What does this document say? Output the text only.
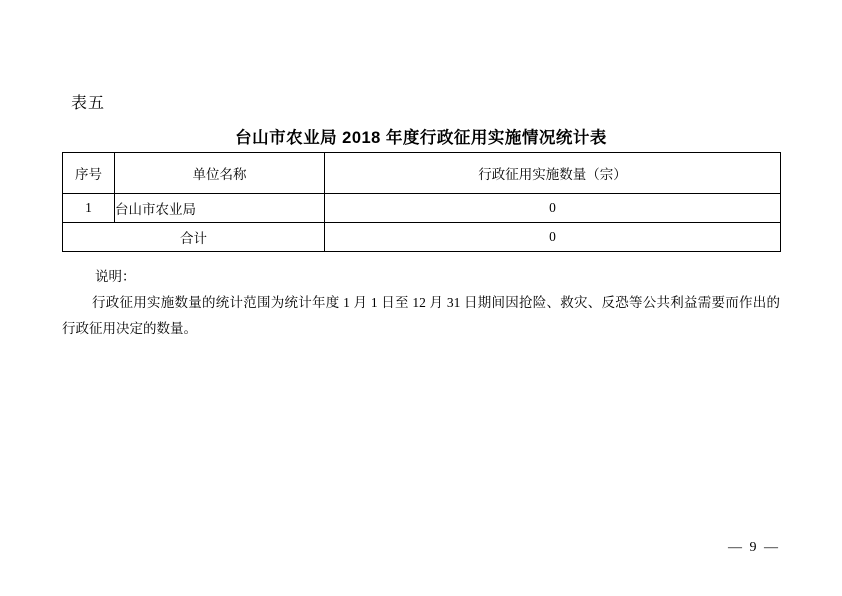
表五
台山市农业局 2018 年度行政征用实施情况统计表
序号	单位名称	行政征用实施数量（宗）
1	台山市农业局	0
合计		0
说明：
行政征用实施数量的统计范围为统计年度 1 月 1 日至 12 月 31 日期间因抢险、救灾、反恐等公共利益需要而作出的行政征用决定的数量。
— 9 —
